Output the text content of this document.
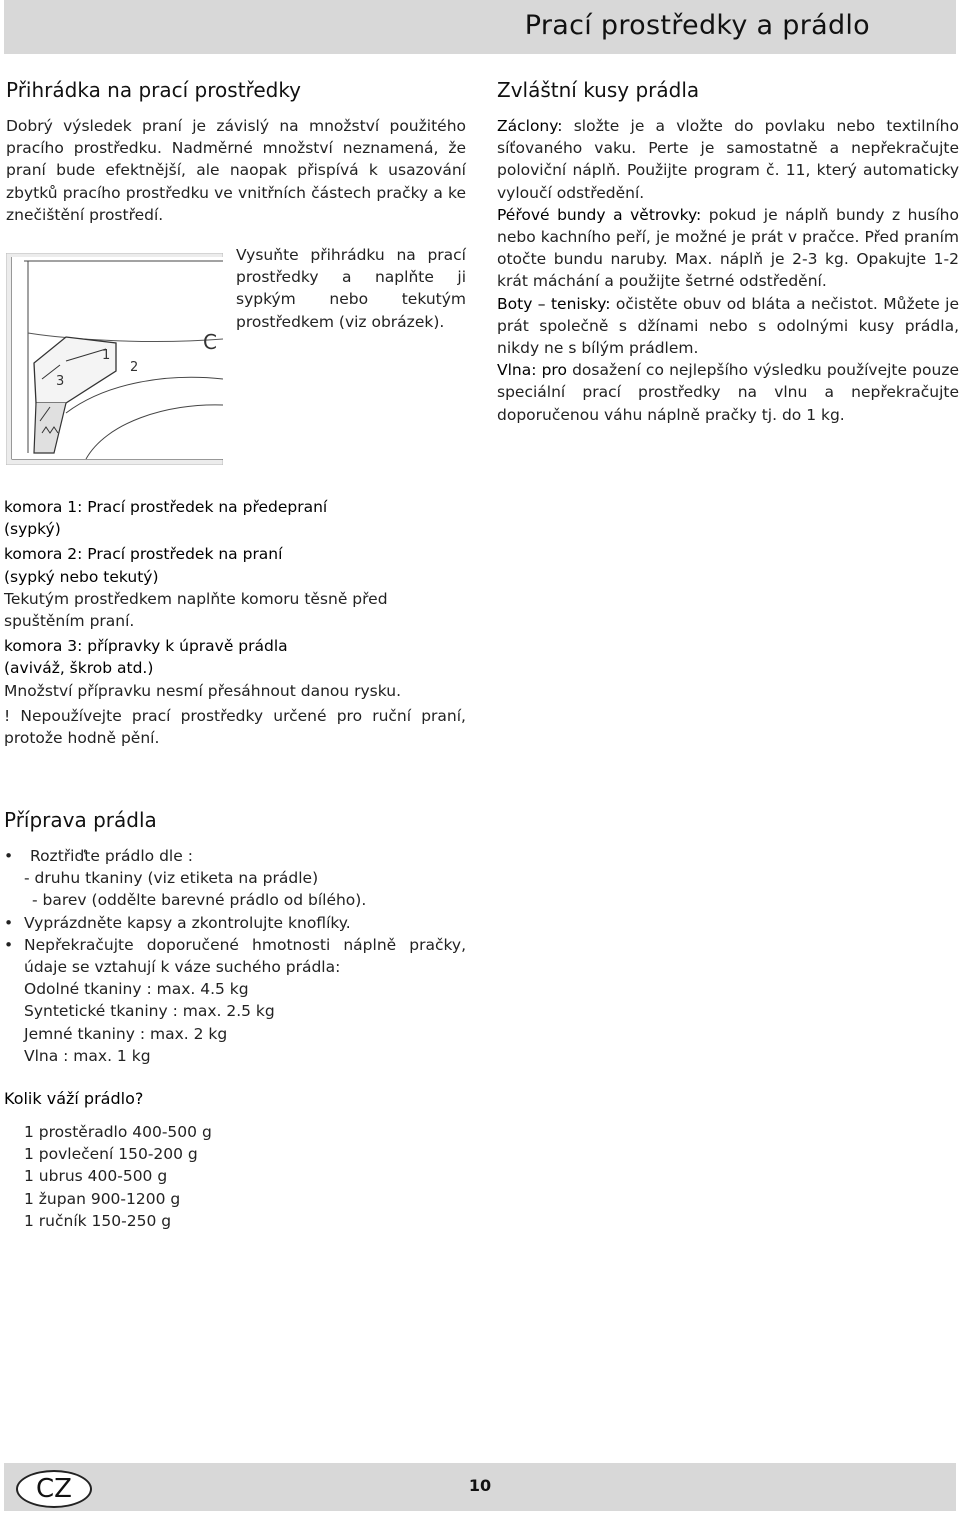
Prací prostředky a prádlo
Přihrádka na prací prostředky
Dobrý výsledek praní je závislý na množství použitého pracího prostředku. Nadměrné množství neznamená, že praní bude efektnější, ale naopak přispívá k usazování zbytků pracího prostředku ve vnitřních částech pračky a ke znečištění prostředí.
1
2
3
Vysuňte přihrádku na prací prostředky a naplňte ji sypkým nebo tekutým prostředkem (viz obrázek).
C
Zvláštní kusy prádla

Záclony: složte je a vložte do povlaku nebo textilního síťovaného vaku. Perte je samostatně a nepřekračujte poloviční náplň. Použijte program č. 11, který automaticky vyloučí odstředění.

Péřové bundy a větrovky: pokud je náplň bundy z husího nebo kachního peří, je možné je prát v pračce. Před praním otočte bundu naruby. Max. náplň je 2-3 kg. Opakujte 1-2 krát máchání a použijte šetrné odstředění.

Boty – tenisky: očistěte obuv od bláta a nečistot. Můžete je prát společně s džínami nebo s odolnými kusy prádla, nikdy ne s bílým prádlem.

Vlna: pro dosažení co nejlepšího výsledku používejte pouze speciální prací prostředky na vlnu a nepřekračujte doporučenou váhu náplně pračky tj. do 1 kg.

komora 1: Prací prostředek na předepraní
(sypký)
komora 2: Prací prostředek na praní
(sypký nebo tekutý)
Tekutým prostředkem naplňte komoru těsně před spuštěním praní.
komora 3: přípravky k úpravě prádla
(aviváž, škrob atd.)
Množství přípravku nesmí přesáhnout danou rysku.
! Nepoužívejte prací prostředky určené pro ruční praní, protože hodně pění.
Příprava prádla
• Roztřiďte prádlo dle :
- druhu tkaniny (viz etiketa na prádle)
- barev (oddělte barevné prádlo od bílého).
• Vyprázdněte kapsy a zkontrolujte knoflíky.
• Nepřekračujte doporučené hmotnosti náplně pračky, údaje se vztahují k váze suchého prádla:
Odolné tkaniny : max. 4.5 kg
Syntetické tkaniny : max. 2.5 kg
Jemné tkaniny : max. 2 kg
Vlna : max. 1 kg
Kolik váží prádlo?
1 prostěradlo 400-500 g
1 povlečení 150-200 g
1 ubrus 400-500 g
1 župan 900-1200 g
1 ručník 150-250 g
CZ	10
